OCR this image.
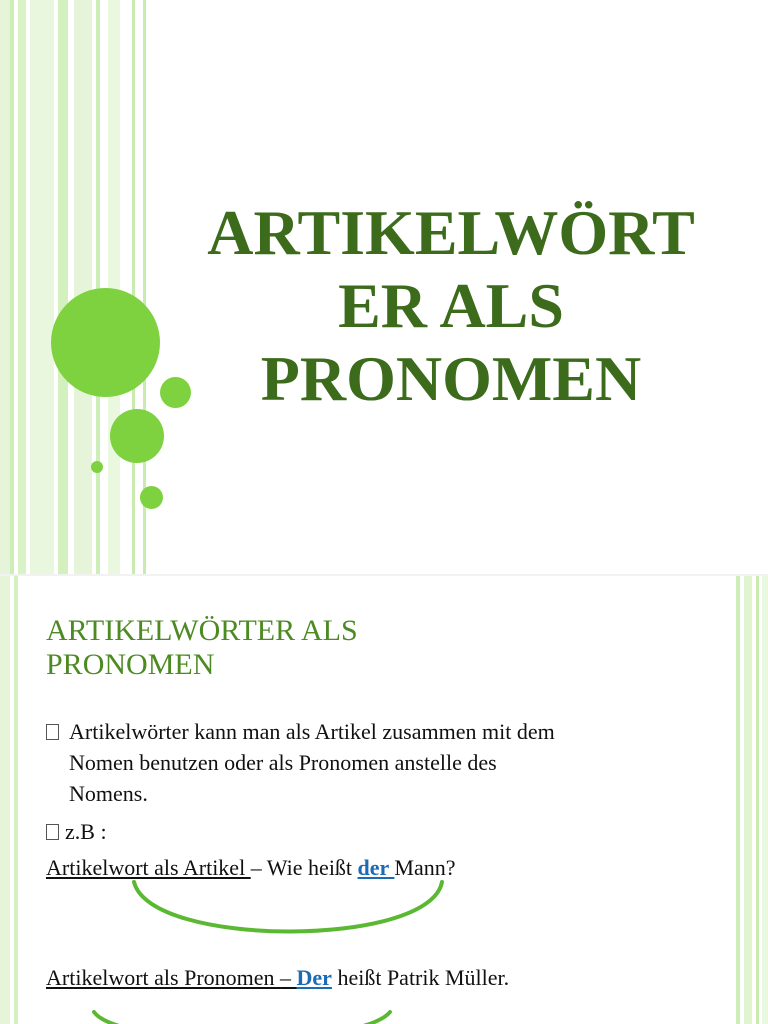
ARTIKELWÖRT
ER ALS
PRONOMEN
ARTIKELWÖRTER ALS
PRONOMEN
Artikelwörter kann man als Artikel zusammen mit dem
Nomen benutzen oder als Pronomen anstelle des
Nomens.
z.B :
Artikelwort als Artikel – Wie heißt der Mann?
Artikelwort als Pronomen – Der heißt Patrik Müller.
